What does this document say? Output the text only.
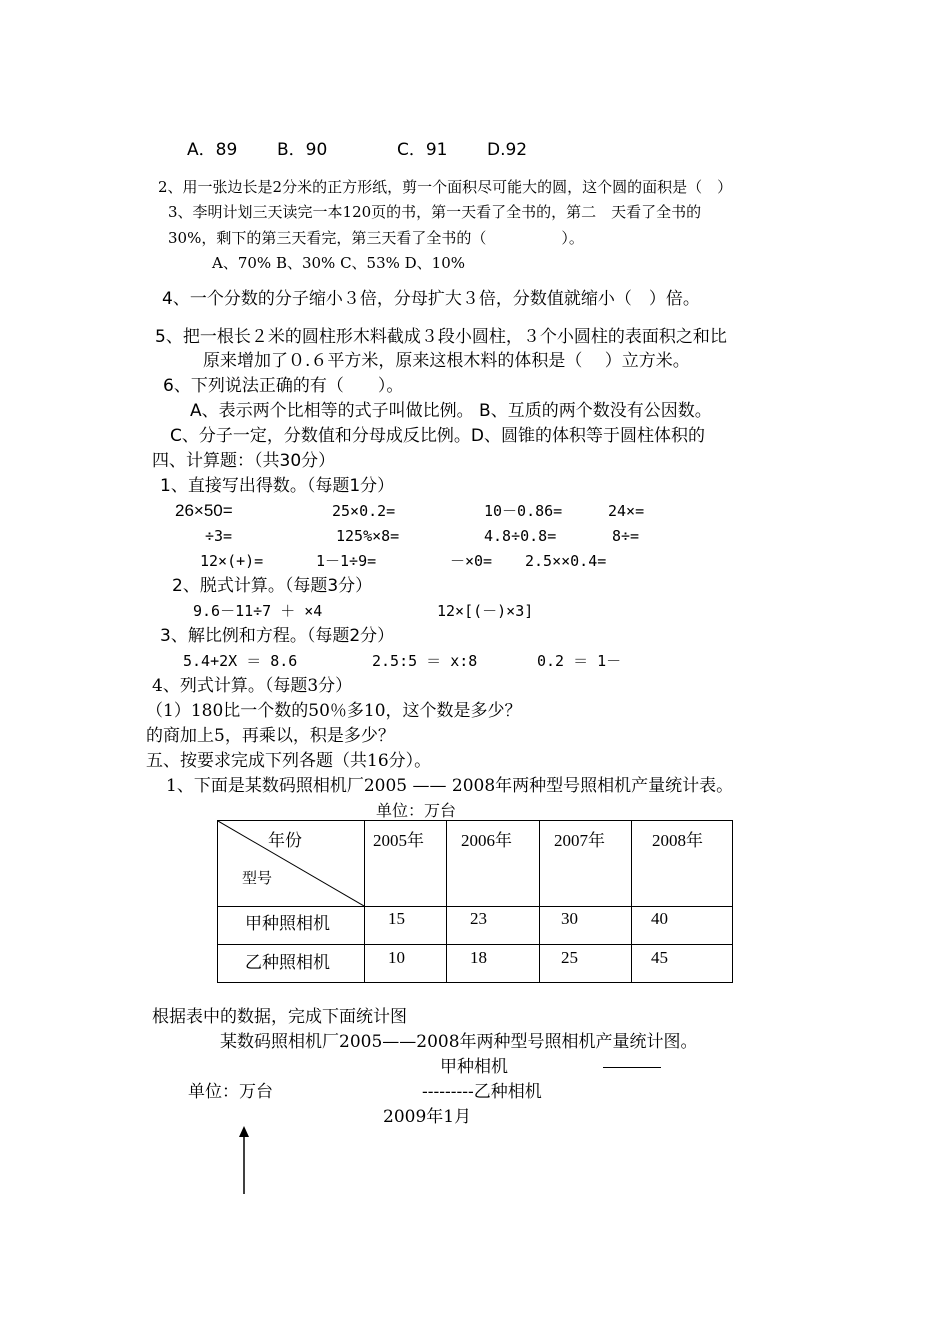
A．89 B．90	C．91 D.92
2、用一张边长是2分米的正方形纸，剪一个面积尽可能大的圆，这个圆的面积是（　）
3、李明计划三天读完一本120页的书，第一天看了全书的，第二　天看了全书的
30%，剩下的第三天看完，第三天看了全书的（　　　　　）。
A、70% B、30% C、53% D、10%
4、一个分数的分子缩小３倍，分母扩大３倍，分数值就缩小（　）倍。
5、把一根长２米的圆柱形木料截成３段小圆柱，３个小圆柱的表面积之和比
原来增加了０.６平方米，原来这根木料的体积是（　 ）立方米。
6、下列说法正确的有（　　）。
A、表示两个比相等的式子叫做比例。 B、互质的两个数没有公因数。
C、分子一定，分数值和分母成反比例。D、圆锥的体积等于圆柱体积的
四、计算题：（共30分）
1、直接写出得数。（每题1分）
26×50=	25×0.2=	10－0.86=	24×=
÷3=	125%×8=	4.8÷0.8=	8÷=
12×(+)=	1－1÷9=	－×0= 2.5××0.4=
2、脱式计算。（每题3分）
9.6－11÷7 ＋ ×4	12×[(－)×3]
3、解比例和方程。（每题2分）
5.4+2X ＝ 8.6	2.5:5 ＝ x:8	0.2 ＝ 1－
4、列式计算。（每题3分）
（1）180比一个数的50％多10，这个数是多少？
的商加上5，再乘以，积是多少？
五、按要求完成下列各题（共16分）。
1、下面是某数码照相机厂2005 —— 2008年两种型号照相机产量统计表。
单位：万台
年份
型号	2005年	2006年	2007年	2008年

甲种照相机	15	23	30	40

乙种照相机	10	18	25	45
根据表中的数据，完成下面统计图
某数码照相机厂2005——2008年两种型号照相机产量统计图。
甲种相机
单位：万台	---------乙种相机
2009年1月
